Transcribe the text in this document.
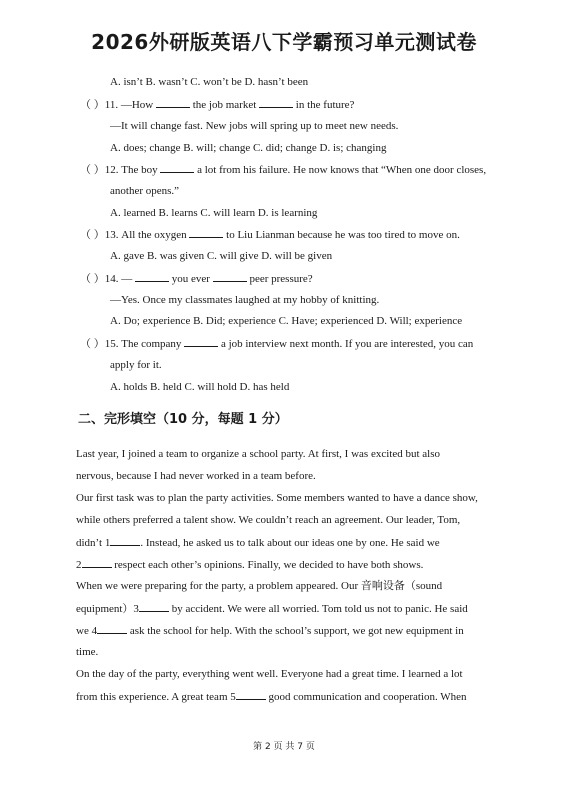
2026外研版英语八下学霸预习单元测试卷
A. isn’t B. wasn’t C. won’t be D. hasn’t been
（ ）11. —How	the job market	in the future?
—It will change fast. New jobs will spring up to meet new needs.
A. does; change B. will; change C. did; change D. is; changing
（ ）12. The boy	a lot from his failure. He now knows that “When one door closes,
another opens.”
A. learned B. learns C. will learn D. is learning
（ ）13. All the oxygen	to Liu Lianman because he was too tired to move on.
A. gave B. was given C. will give D. will be given
（ ）14. —	you ever	peer pressure?
—Yes. Once my classmates laughed at my hobby of knitting.
A. Do; experience B. Did; experience C. Have; experienced D. Will; experience
（ ）15. The company	a job interview next month. If you are interested, you can
apply for it.
A. holds B. held C. will hold D. has held
二、完形填空（10 分，每题 1 分）
Last year, I joined a team to organize a school party. At first, I was excited but also
nervous, because I had never worked in a team before.
Our first task was to plan the party activities. Some members wanted to have a dance show,
while others preferred a talent show. We couldn’t reach an agreement. Our leader, Tom,
didn’t 1	. Instead, he asked us to talk about our ideas one by one. He said we
2	respect each other’s opinions. Finally, we decided to have both shows.
When we were preparing for the party, a problem appeared. Our 音响设备（sound
equipment）3	by accident. We were all worried. Tom told us not to panic. He said
we 4	ask the school for help. With the school’s support, we got new equipment in
time.
On the day of the party, everything went well. Everyone had a great time. I learned a lot
from this experience. A great team 5	good communication and cooperation. When
第 2 页 共 7 页
